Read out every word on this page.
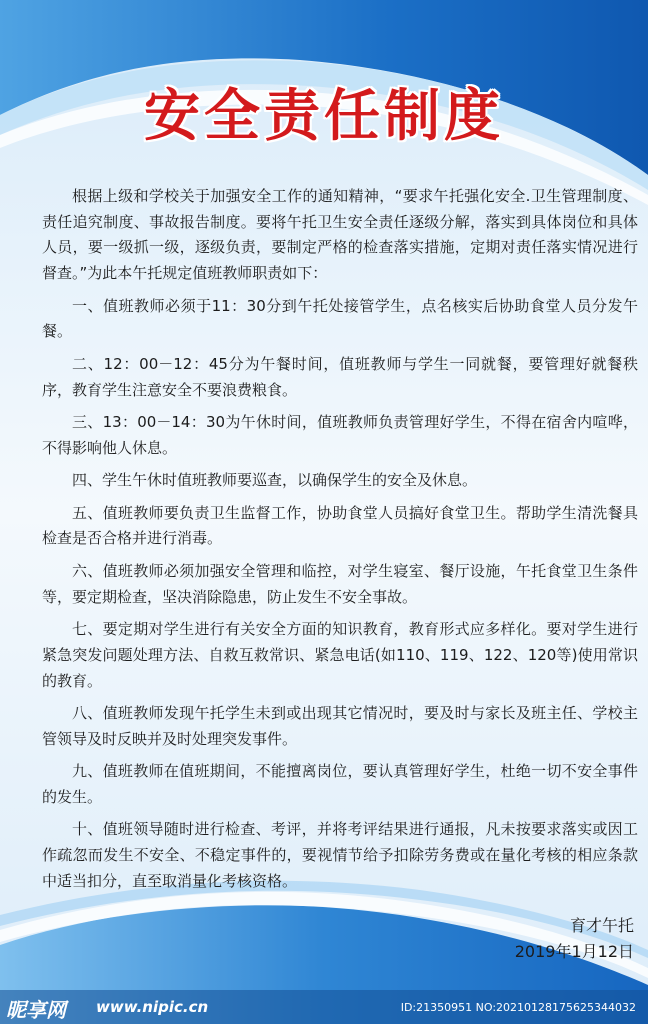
安全责任制度

根据上级和学校关于加强安全工作的通知精神，“要求午托强化安全.卫生管理制度、责任追究制度、事故报告制度。要将午托卫生安全责任逐级分解，落实到具体岗位和具体人员，要一级抓一级，逐级负责，要制定严格的检查落实措施，定期对责任落实情况进行督查。”为此本午托规定值班教师职责如下：

一、值班教师必须于11：30分到午托处接管学生，点名核实后协助食堂人员分发午餐。

二、12：00－12：45分为午餐时间，值班教师与学生一同就餐，要管理好就餐秩序，教育学生注意安全不要浪费粮食。

三、13：00－14：30为午休时间，值班教师负责管理好学生，不得在宿舍内喧哗，不得影响他人休息。

四、学生午休时值班教师要巡查，以确保学生的安全及休息。

五、值班教师要负责卫生监督工作，协助食堂人员搞好食堂卫生。帮助学生清洗餐具检查是否合格并进行消毒。

六、值班教师必须加强安全管理和临控，对学生寝室、餐厅设施，午托食堂卫生条件等，要定期检查，坚决消除隐患，防止发生不安全事故。

七、要定期对学生进行有关安全方面的知识教育，教育形式应多样化。要对学生进行紧急突发问题处理方法、自救互救常识、紧急电话(如110、119、122、120等)使用常识的教育。

八、值班教师发现午托学生未到或出现其它情况时，要及时与家长及班主任、学校主管领导及时反映并及时处理突发事件。

九、值班教师在值班期间，不能擅离岗位，要认真管理好学生，杜绝一切不安全事件的发生。

十、值班领导随时进行检查、考评，并将考评结果进行通报，凡未按要求落实或因工作疏忽而发生不安全、不稳定事件的，要视情节给予扣除劳务费或在量化考核的相应条款中适当扣分，直至取消量化考核资格。

育才午托
2019年1月12日
昵享网 www.nipic.cn	ID:21350951 NO:20210128175625344032
